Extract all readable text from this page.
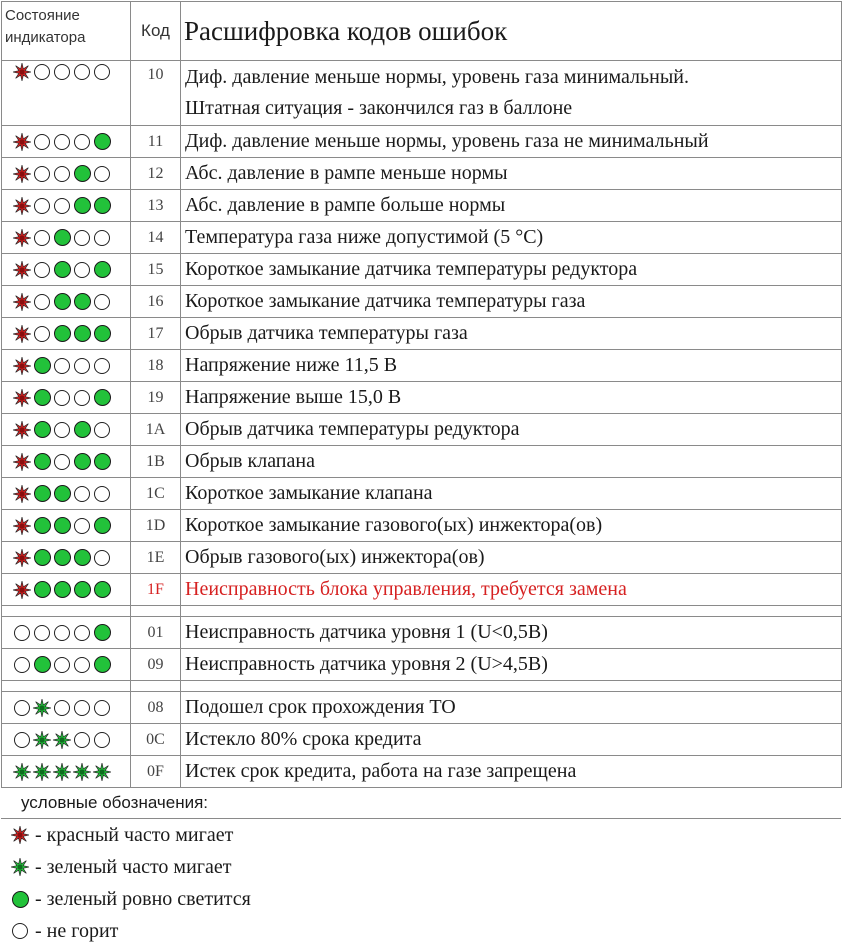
Состояние
индикатора	Код	Расшифровка кодов ошибок

	10	Диф. давление меньше нормы, уровень газа минимальный.
Штатная ситуация - закончился газ в баллоне

	11	Диф. давление меньше нормы, уровень газа не минимальный

	12	Абс. давление в рампе меньше нормы

	13	Абс. давление в рампе больше нормы

	14	Температура газа ниже допустимой (5 °С)

	15	Короткое замыкание датчика температуры редуктора

	16	Короткое замыкание датчика температуры газа

	17	Обрыв датчика температуры газа

	18	Напряжение ниже 11,5 В

	19	Напряжение выше 15,0 В

	1A	Обрыв датчика температуры редуктора

	1B	Обрыв клапана

	1C	Короткое замыкание клапана

	1D	Короткое замыкание газового(ых) инжектора(ов)

	1E	Обрыв газового(ых) инжектора(ов)

	1F	Неисправность блока управления, требуется замена

	01	Неисправность датчика уровня 1 (U<0,5В)

	09	Неисправность датчика уровня 2 (U>4,5В)

	08	Подошел срок прохождения ТО

	0C	Истекло 80% срока кредита

	0F	Истек срок кредита, работа на газе запрещена
условные обозначения:
- красный часто мигает
- зеленый часто мигает
- зеленый ровно светится
- не горит
